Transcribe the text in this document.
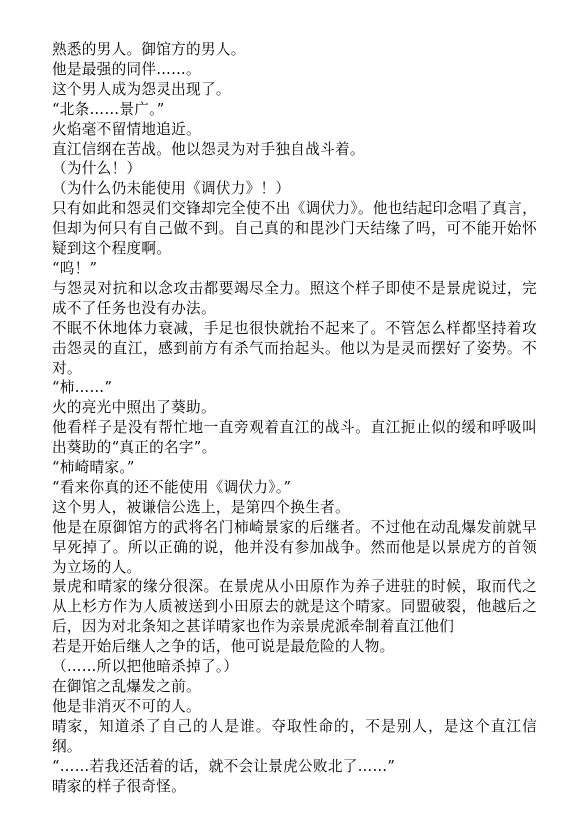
熟悉的男人。御馆方的男人。

他是最强的同伴……。

这个男人成为怨灵出现了。

“北条……景广。”

火焰毫不留情地追近。

直江信纲在苦战。他以怨灵为对手独自战斗着。

（为什么！）

（为什么仍未能使用《调伏力》！）

只有如此和怨灵们交锋却完全使不出《调伏力》。他也结起印念唱了真言，但却为何只有自己做不到。自己真的和毘沙门天结缘了吗，可不能开始怀疑到这个程度啊。

“呜！”

与怨灵对抗和以念攻击都要竭尽全力。照这个样子即使不是景虎说过，完成不了任务也没有办法。

不眠不休地体力衰减，手足也很快就抬不起来了。不管怎么样都坚持着攻击怨灵的直江，感到前方有杀气而抬起头。他以为是灵而摆好了姿势。不对。

“柿……”

火的亮光中照出了葵助。

他看样子是没有帮忙地一直旁观着直江的战斗。直江扼止似的缓和呼吸叫出葵助的“真正的名字”。

“柿崎晴家。”

“看来你真的还不能使用《调伏力》。”

这个男人，被谦信公选上，是第四个换生者。

他是在原御馆方的武将名门柿崎景家的后继者。不过他在动乱爆发前就早早死掉了。所以正确的说，他并没有参加战争。然而他是以景虎方的首领为立场的人。

景虎和晴家的缘分很深。在景虎从小田原作为养子进驻的时候，取而代之从上杉方作为人质被送到小田原去的就是这个晴家。同盟破裂，他越后之后，因为对北条知之甚详晴家也作为亲景虎派牵制着直江他们

若是开始后继人之争的话，他可说是最危险的人物。

（……所以把他暗杀掉了。）

在御馆之乱爆发之前。

他是非消灭不可的人。

晴家，知道杀了自己的人是谁。夺取性命的，不是别人，是这个直江信纲。

“……若我还活着的话，就不会让景虎公败北了……”

晴家的样子很奇怪。
